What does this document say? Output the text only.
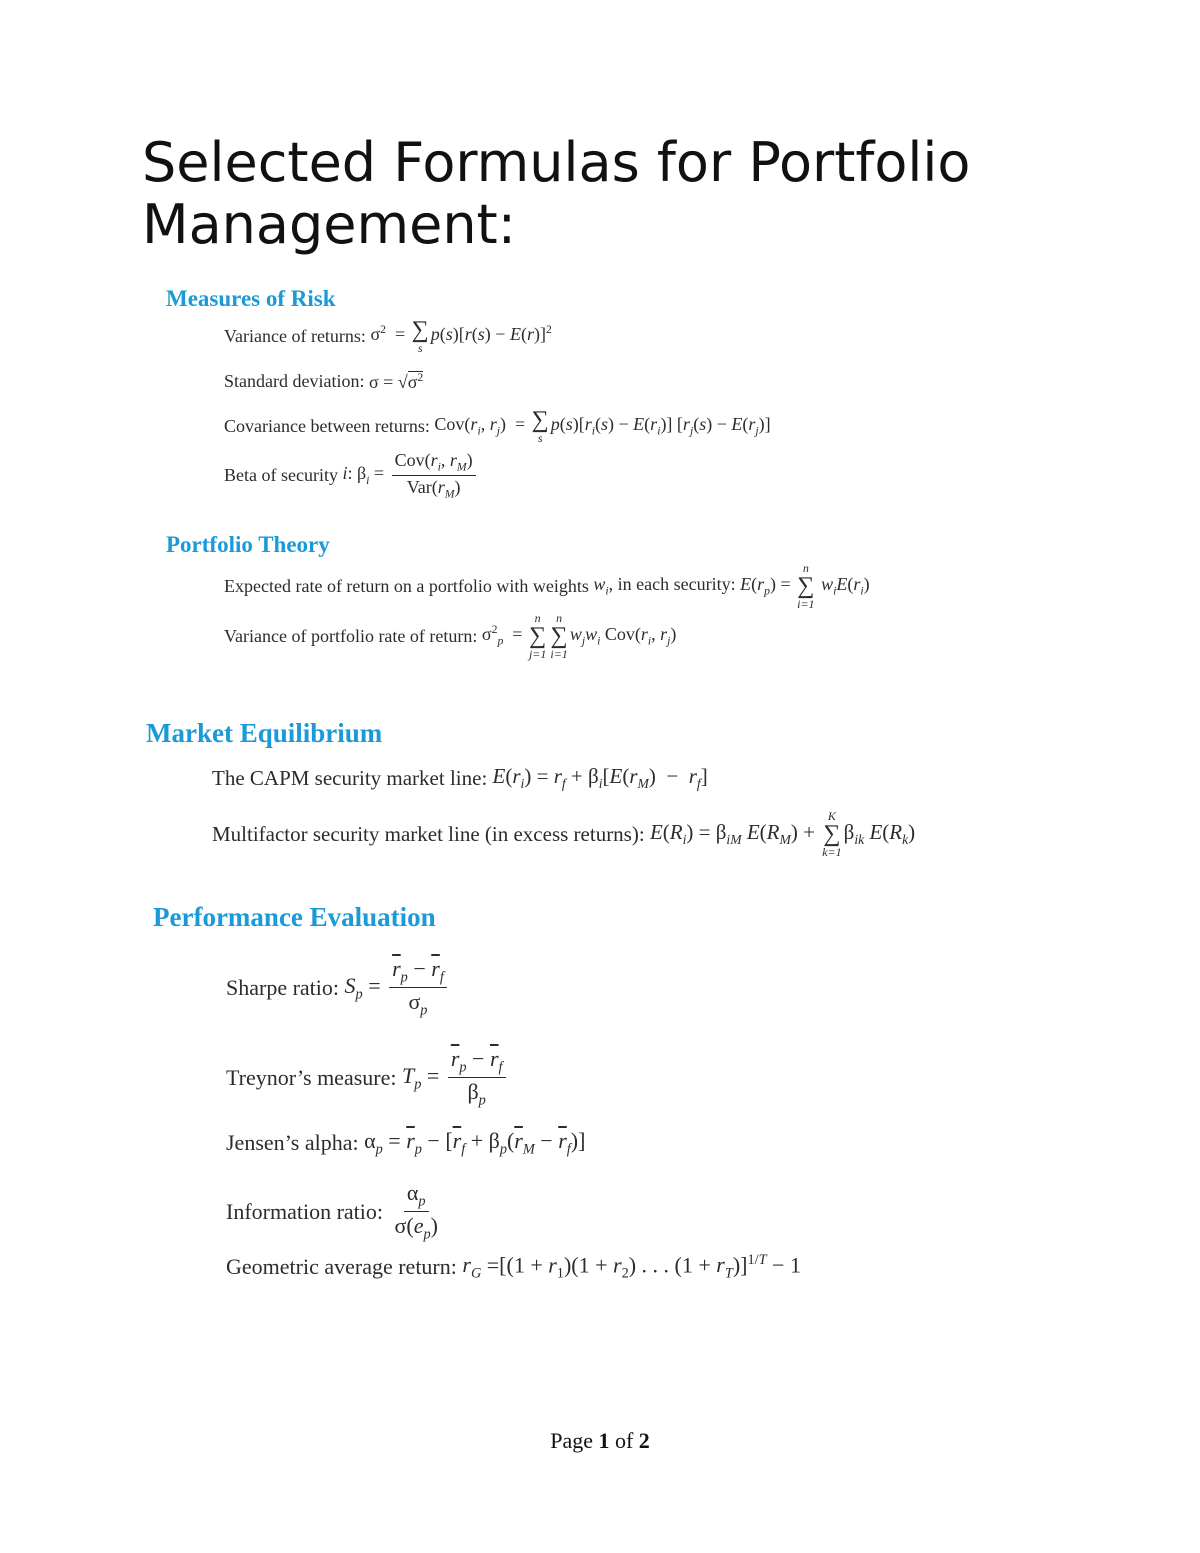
Selected Formulas for Portfolio Management:
Measures of Risk
Variance of returns: $\sigma^2$  = ∑
s
$p(s)[r(s) - E(r)]^2$
Standard deviation: $\sigma = √\sigma^2$
Covariance between returns: $Cov(r_i$, $r_j$)  = ∑
s
$p(s)[r_i(s) - E(r_i)] [r_j(s) - E(r_j)]$
Beta of security i: $\beta_i = \frac{Cov(r_i, r_M)}{Var(r_M)}$
Portfolio Theory
Expected rate of return on a portfolio with weights $w_i$, in each security: $E(r_p)$ =
n
∑
i=1
$w_iE(r_i)$
Variance of portfolio rate of return: $\sigma^2_p$  =
n
∑
j=1
n
∑
i=1
$w_jw_i$ $Cov(r_i$, $r_j$)
Market Equilibrium
The CAPM security market line: $E(r_i) = r_f + \beta_i[E(r_M) - r_f]$
Multifactor security market line (in excess returns): $E(R_i) = \beta_{iM}$ $E(R_M)$ +
K
∑
k=1
$\beta_{ik}$ $E(R_k)$
Performance Evaluation
Sharpe ratio: $S_p = \frac{\overline{r}_p - \overline{r}_f}{\sigma_p}$
Treynor’s measure: $T_p = \frac{\overline{r}_p - \overline{r}_f}{\beta_p}$
Jensen’s alpha: $\alpha_p = \overline{r}_p - [\overline{r}_f + \beta_p(\overline{r}_M - \overline{r}_f)]$
Information ratio: $\frac{\alpha_p}{\sigma(e_p)}$
Geometric average return: $r_G =[(1 + r_1)(1 + r_2)$ . . . $(1 + r_T)]^{1/T} - 1$
Page 1 of 2
